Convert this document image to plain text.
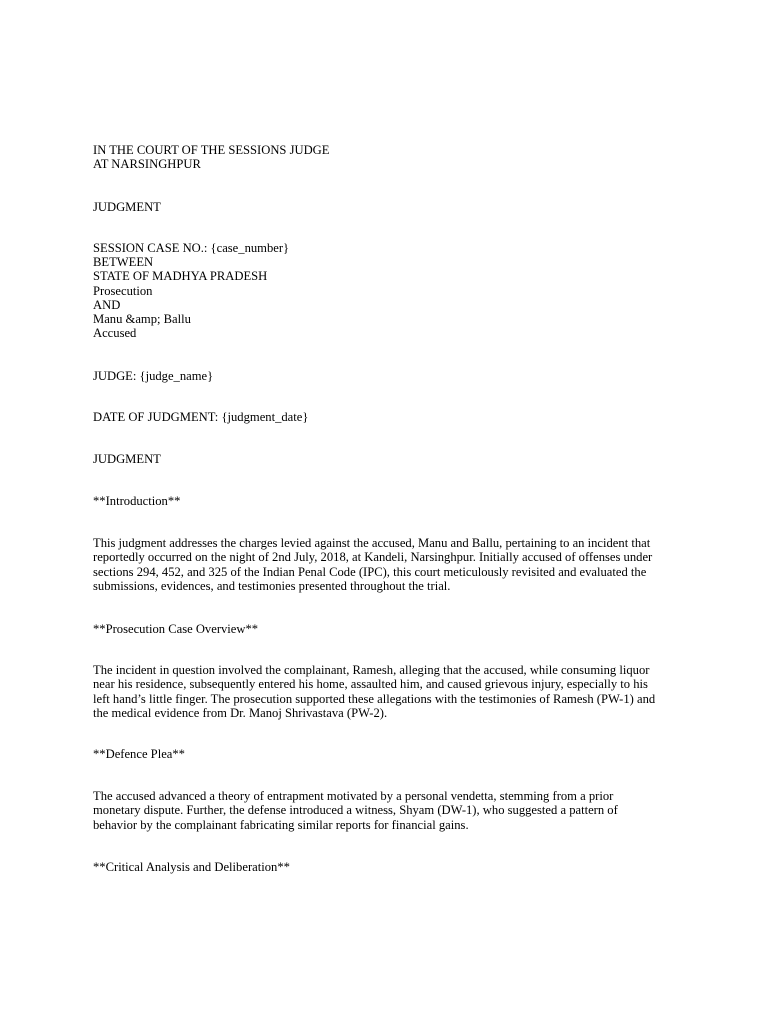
IN THE COURT OF THE SESSIONS JUDGE
AT NARSINGHPUR
JUDGMENT
SESSION CASE NO.: {case_number}
BETWEEN
STATE OF MADHYA PRADESH
Prosecution
AND
Manu &amp; Ballu
Accused
JUDGE: {judge_name}
DATE OF JUDGMENT: {judgment_date}
JUDGMENT
**Introduction**
This judgment addresses the charges levied against the accused, Manu and Ballu, pertaining to an incident that
reportedly occurred on the night of 2nd July, 2018, at Kandeli, Narsinghpur. Initially accused of offenses under
sections 294, 452, and 325 of the Indian Penal Code (IPC), this court meticulously revisited and evaluated the
submissions, evidences, and testimonies presented throughout the trial.
**Prosecution Case Overview**
The incident in question involved the complainant, Ramesh, alleging that the accused, while consuming liquor
near his residence, subsequently entered his home, assaulted him, and caused grievous injury, especially to his
left hand’s little finger. The prosecution supported these allegations with the testimonies of Ramesh (PW-1) and
the medical evidence from Dr. Manoj Shrivastava (PW-2).
**Defence Plea**
The accused advanced a theory of entrapment motivated by a personal vendetta, stemming from a prior
monetary dispute. Further, the defense introduced a witness, Shyam (DW-1), who suggested a pattern of
behavior by the complainant fabricating similar reports for financial gains.
**Critical Analysis and Deliberation**
